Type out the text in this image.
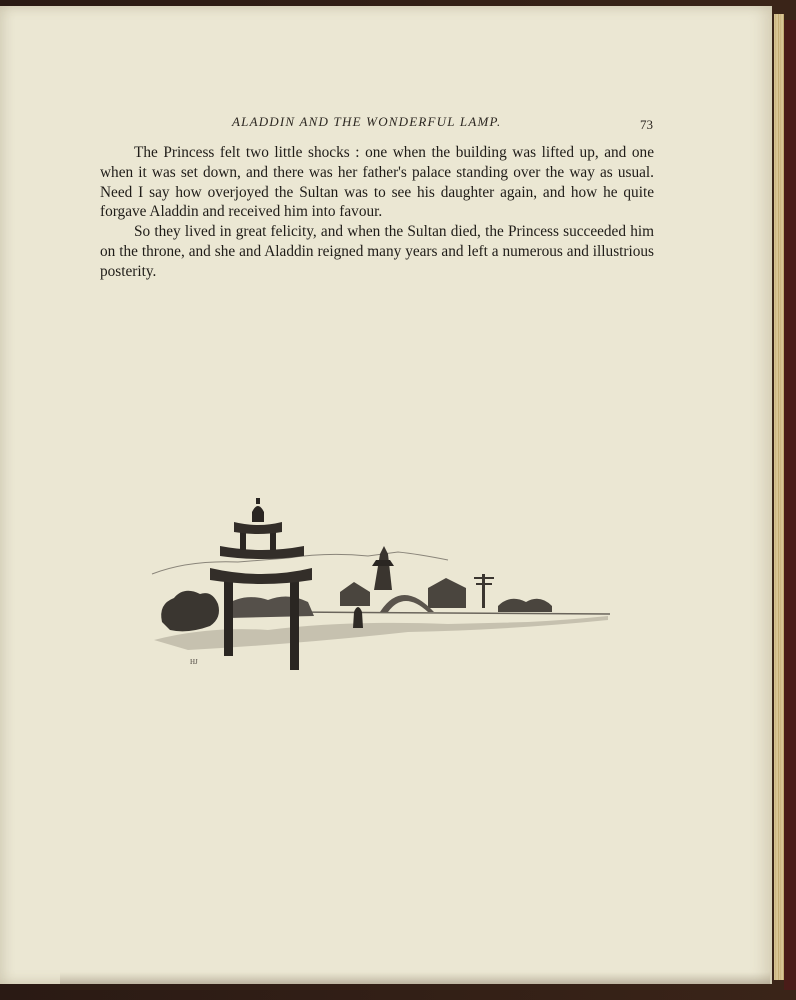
ALADDIN AND THE WONDERFUL LAMP.	73

The Princess felt two little shocks : one when the building was lifted up, and one when it was set down, and there was her father's palace standing over the way as usual. Need I say how overjoyed the Sultan was to see his daughter again, and how he quite forgave Aladdin and received him into favour.

So they lived in great felicity, and when the Sultan died, the Princess succeeded him on the throne, and she and Aladdin reigned many years and left a numerous and illustrious posterity.

HJ
